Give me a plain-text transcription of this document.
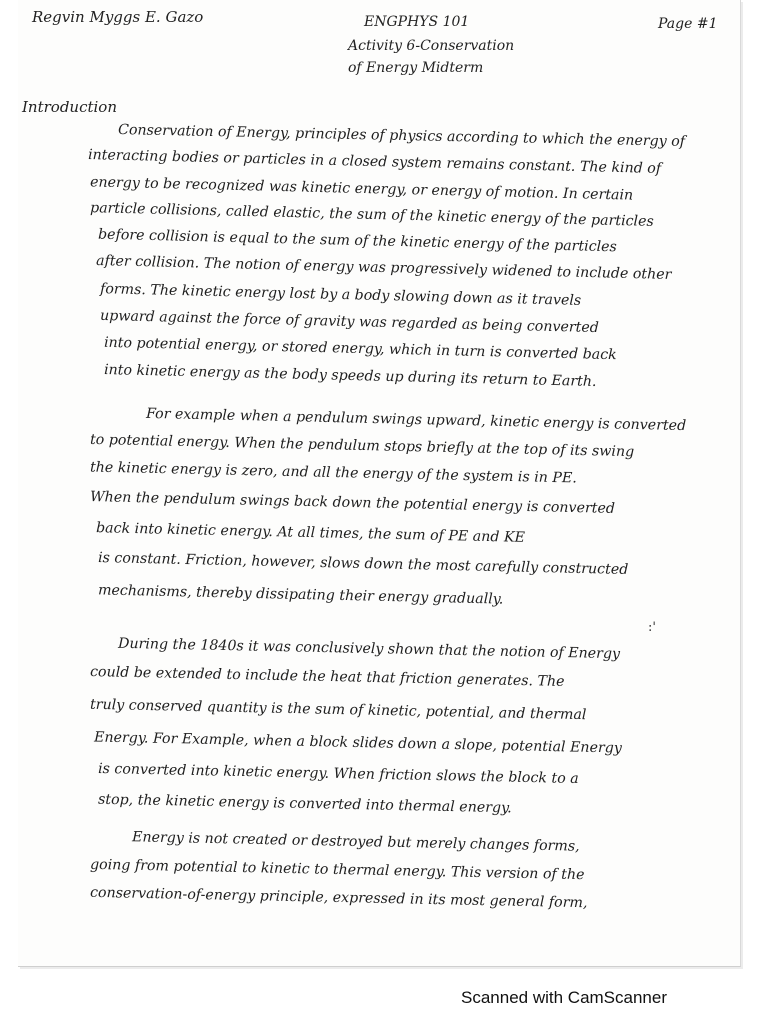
Regvin Myggs E. Gazo	ENGPHYS 101
Activity 6-Conservation
of Energy Midterm
Page #1
Introduction
Conservation of Energy, principles of physics according to which the energy of
interacting bodies or particles in a closed system remains constant. The kind of
energy to be recognized was kinetic energy, or energy of motion. In certain
particle collisions, called elastic, the sum of the kinetic energy of the particles
before collision is equal to the sum of the kinetic energy of the particles
after collision. The notion of energy was progressively widened to include other
forms. The kinetic energy lost by a body slowing down as it travels
upward against the force of gravity was regarded as being converted
into potential energy, or stored energy, which in turn is converted back
into kinetic energy as the body speeds up during its return to Earth.
For example when a pendulum swings upward, kinetic energy is converted
to potential energy. When the pendulum stops briefly at the top of its swing
the kinetic energy is zero, and all the energy of the system is in PE.
When the pendulum swings back down the potential energy is converted
back into kinetic energy. At all times, the sum of PE and KE
is constant. Friction, however, slows down the most carefully constructed
mechanisms, thereby dissipating their energy gradually.
:'
During the 1840s it was conclusively shown that the notion of Energy
could be extended to include the heat that friction generates. The
truly conserved quantity is the sum of kinetic, potential, and thermal
Energy. For Example, when a block slides down a slope, potential Energy
is converted into kinetic energy. When friction slows the block to a
stop, the kinetic energy is converted into thermal energy.
Energy is not created or destroyed but merely changes forms,
going from potential to kinetic to thermal energy. This version of the
conservation-of-energy principle, expressed in its most general form,
Scanned with CamScanner
